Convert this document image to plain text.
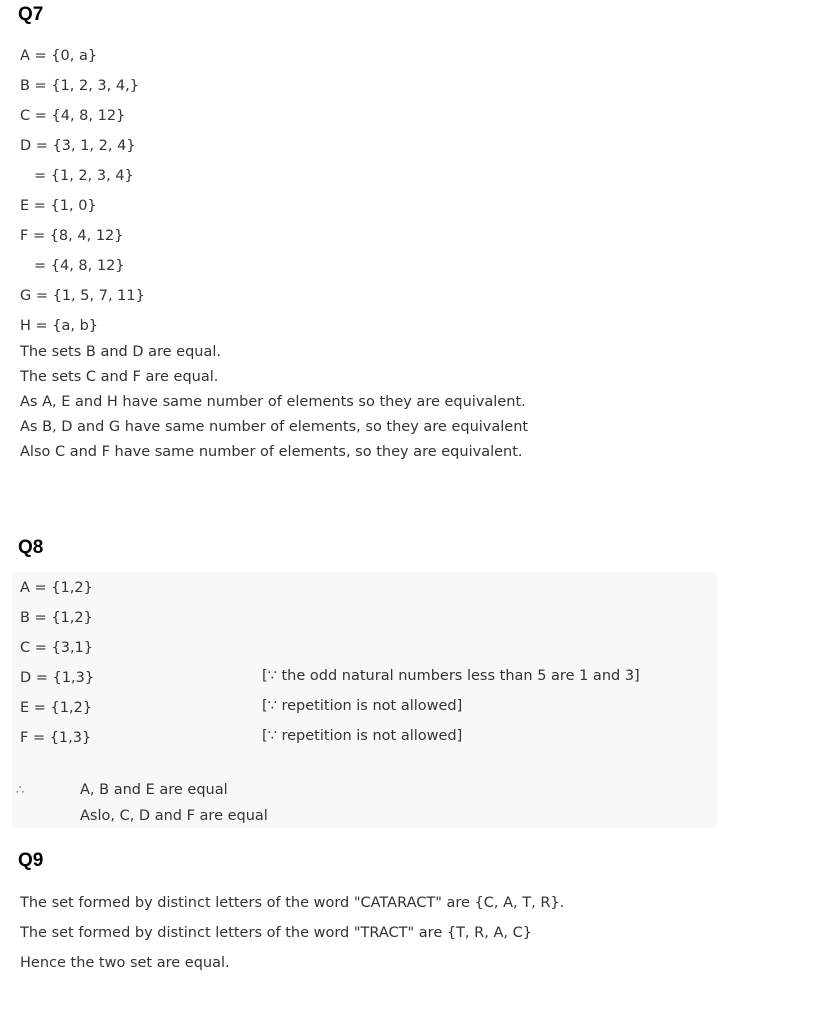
Q7
A = {0, a}
B = {1, 2, 3, 4,}
C = {4, 8, 12}
D = {3, 1, 2, 4}
= {1, 2, 3, 4}
E = {1, 0}
F = {8, 4, 12}
= {4, 8, 12}
G = {1, 5, 7, 11}
H = {a, b}
The sets B and D are equal.
The sets C and F are equal.
As A, E and H have same number of elements so they are equivalent.
As B, D and G have same number of elements, so they are equivalent
Also C and F have same number of elements, so they are equivalent.
Q8
A = {1,2}
B = {1,2}
C = {3,1}
D = {1,3}
E = {1,2}
F = {1,3}
[∵ the odd natural numbers less than 5 are 1 and 3]
[∵ repetition is not allowed]
[∵ repetition is not allowed]
∴	A, B and E are equal
Aslo, C, D and F are equal
Q9
The set formed by distinct letters of the word "CATARACT" are {C, A, T, R}.
The set formed by distinct letters of the word "TRACT" are {T, R, A, C}
Hence the two set are equal.
